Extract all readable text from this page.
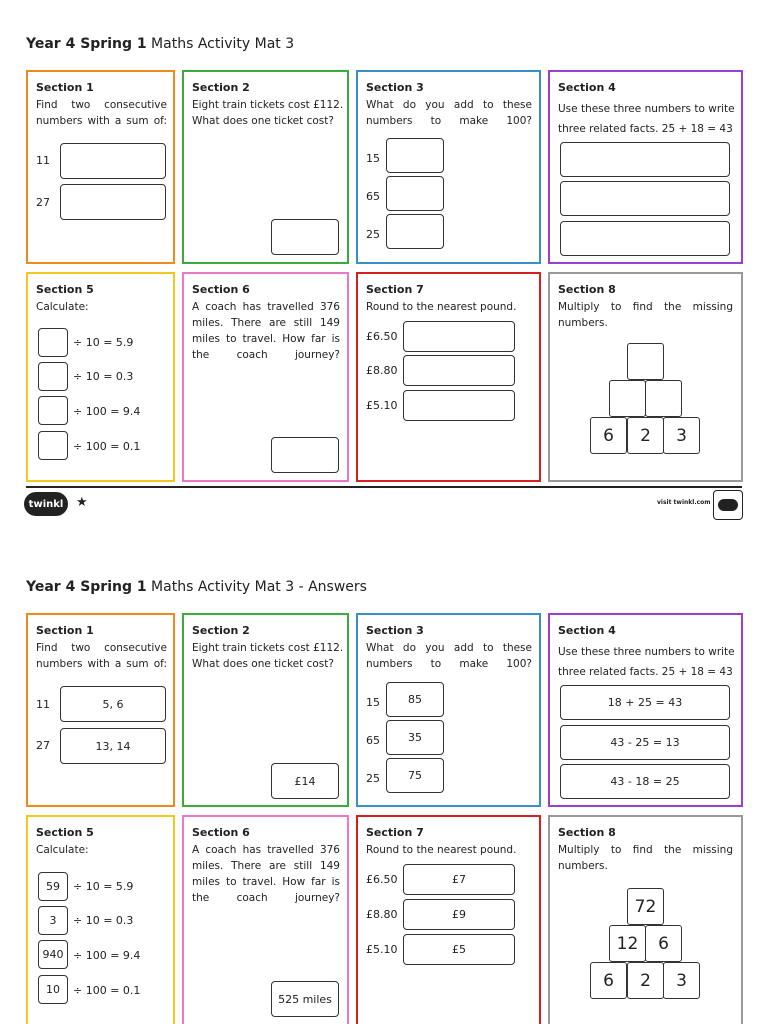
Year 4 Spring 1 Maths Activity Mat 3
Section 1
Find two consecutive numbers with a sum of:
11
27
Section 2
Eight train tickets cost £112. What does one ticket cost?
Section 3
What do you add to these numbers to make 100?
15
65
25
Section 4
Use these three numbers to write three related facts. 25 + 18 = 43
Section 5
Calculate:
÷ 10 = 5.9
÷ 10 = 0.3
÷ 100 = 9.4
÷ 100 = 0.1
Section 6
A coach has travelled 376 miles. There are still 149 miles to travel. How far is the coach journey?
Section 7
Round to the nearest pound.
£6.50
£8.80
£5.10
Section 8
Multiply to find the missing numbers.
6	2	3
twinkl ★	visit twinkl.com
Year 4 Spring 1 Maths Activity Mat 3 - Answers
Section 1
Find two consecutive numbers with a sum of:
11	5, 6
27	13, 14
Section 2
Eight train tickets cost £112. What does one ticket cost?
£14
Section 3
What do you add to these numbers to make 100?
15	85
65	35
25	75
Section 4
Use these three numbers to write three related facts. 25 + 18 = 43
18 + 25 = 43
43 - 25 = 13
43 - 18 = 25
Section 5
Calculate:
59	÷ 10 = 5.9
3	÷ 10 = 0.3
940 ÷ 100 = 9.4
10	÷ 100 = 0.1
Section 6
A coach has travelled 376 miles. There are still 149 miles to travel. How far is the coach journey?
525 miles
Section 7
Round to the nearest pound.
£6.50	£7
£8.80	£9
£5.10	£5
Section 8
Multiply to find the missing numbers.
72
12	6
6	2	3
